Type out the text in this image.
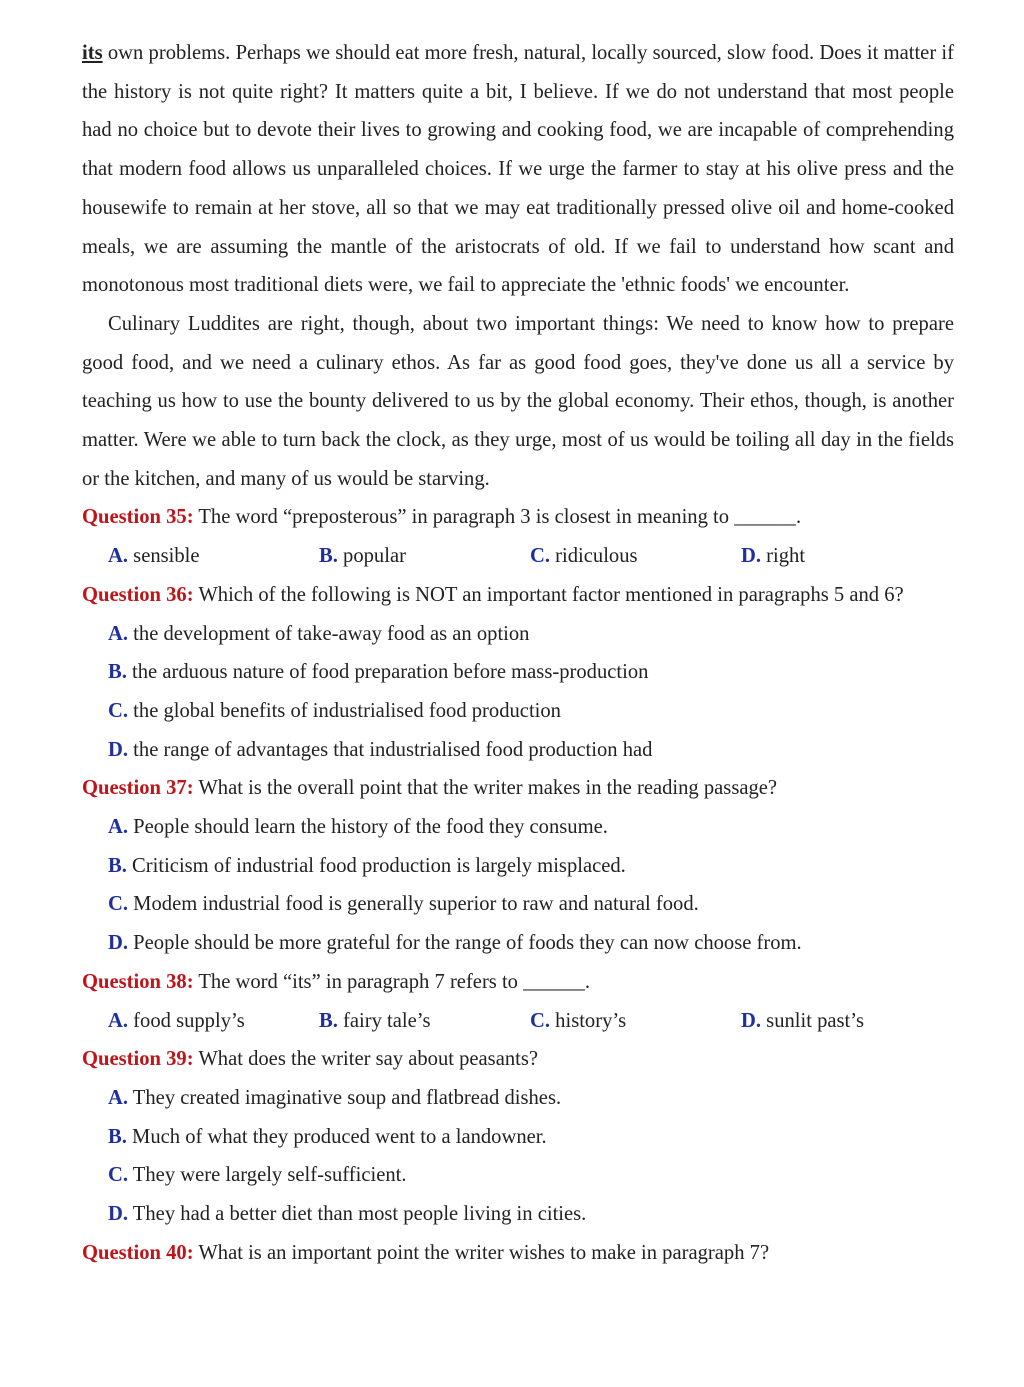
its own problems. Perhaps we should eat more fresh, natural, locally sourced, slow food. Does it matter if the history is not quite right? It matters quite a bit, I believe. If we do not understand that most people had no choice but to devote their lives to growing and cooking food, we are incapable of comprehending that modern food allows us unparalleled choices. If we urge the farmer to stay at his olive press and the housewife to remain at her stove, all so that we may eat traditionally pressed olive oil and home-cooked meals, we are assuming the mantle of the aristocrats of old. If we fail to understand how scant and monotonous most traditional diets were, we fail to appreciate the 'ethnic foods' we encounter.

Culinary Luddites are right, though, about two important things: We need to know how to prepare good food, and we need a culinary ethos. As far as good food goes, they've done us all a service by teaching us how to use the bounty delivered to us by the global economy. Their ethos, though, is another matter. Were we able to turn back the clock, as they urge, most of us would be toiling all day in the fields or the kitchen, and many of us would be starving.

Question 35: The word “preposterous” in paragraph 3 is closest in meaning to ______.

A. sensible	B. popular	C. ridiculous	D. right

Question 36: Which of the following is NOT an important factor mentioned in paragraphs 5 and 6?

A. the development of take-away food as an option

B. the arduous nature of food preparation before mass-production

C. the global benefits of industrialised food production

D. the range of advantages that industrialised food production had

Question 37: What is the overall point that the writer makes in the reading passage?

A. People should learn the history of the food they consume.

B. Criticism of industrial food production is largely misplaced.

C. Modem industrial food is generally superior to raw and natural food.

D. People should be more grateful for the range of foods they can now choose from.

Question 38: The word “its” in paragraph 7 refers to ______.

A. food supply’s	B. fairy tale’s	C. history’s	D. sunlit past’s

Question 39: What does the writer say about peasants?

A. They created imaginative soup and flatbread dishes.

B. Much of what they produced went to a landowner.

C. They were largely self-sufficient.

D. They had a better diet than most people living in cities.

Question 40: What is an important point the writer wishes to make in paragraph 7?
